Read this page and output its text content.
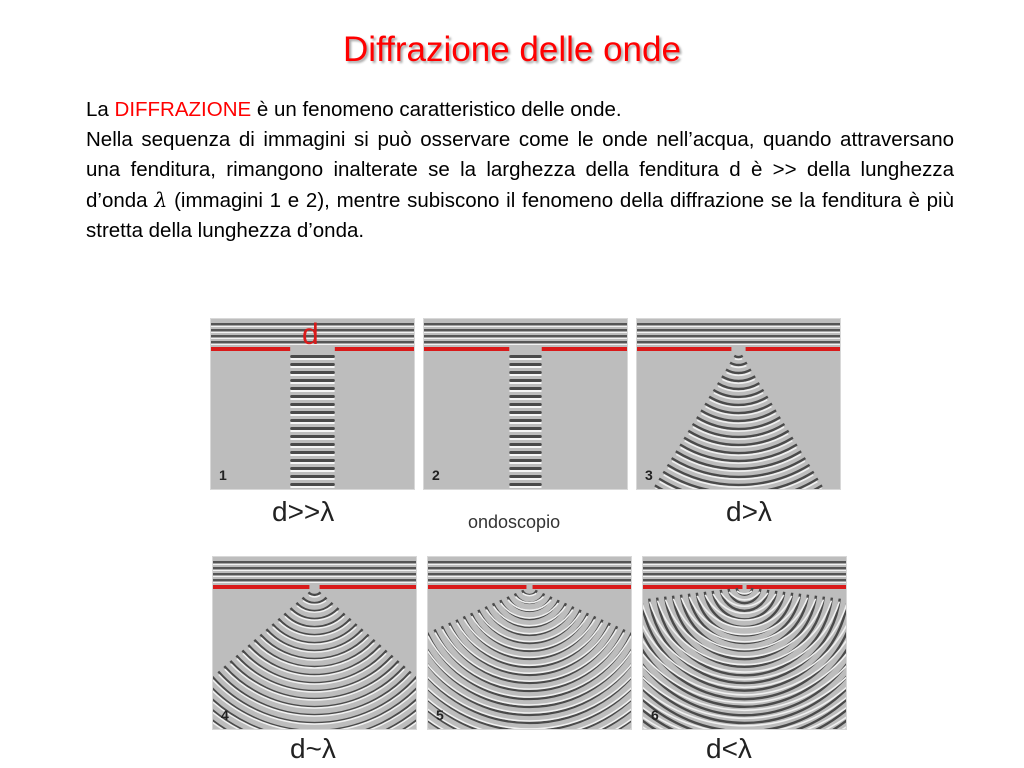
Diffrazione delle onde

La DIFFRAZIONE è un fenomeno caratteristico delle onde.

Nella sequenza di immagini si può osservare come le onde nell’acqua, quando attraversano una fenditura, rimangono inalterate se la larghezza della fenditura d è >> della lunghezza d’onda λ (immagini 1 e 2), mentre subiscono il fenomeno della diffrazione se la fenditura è più stretta della lunghezza d’onda.

1	2	3
d
d>>λ	ondoscopio	d>λ
4	5	6
d~λ	d<λ
